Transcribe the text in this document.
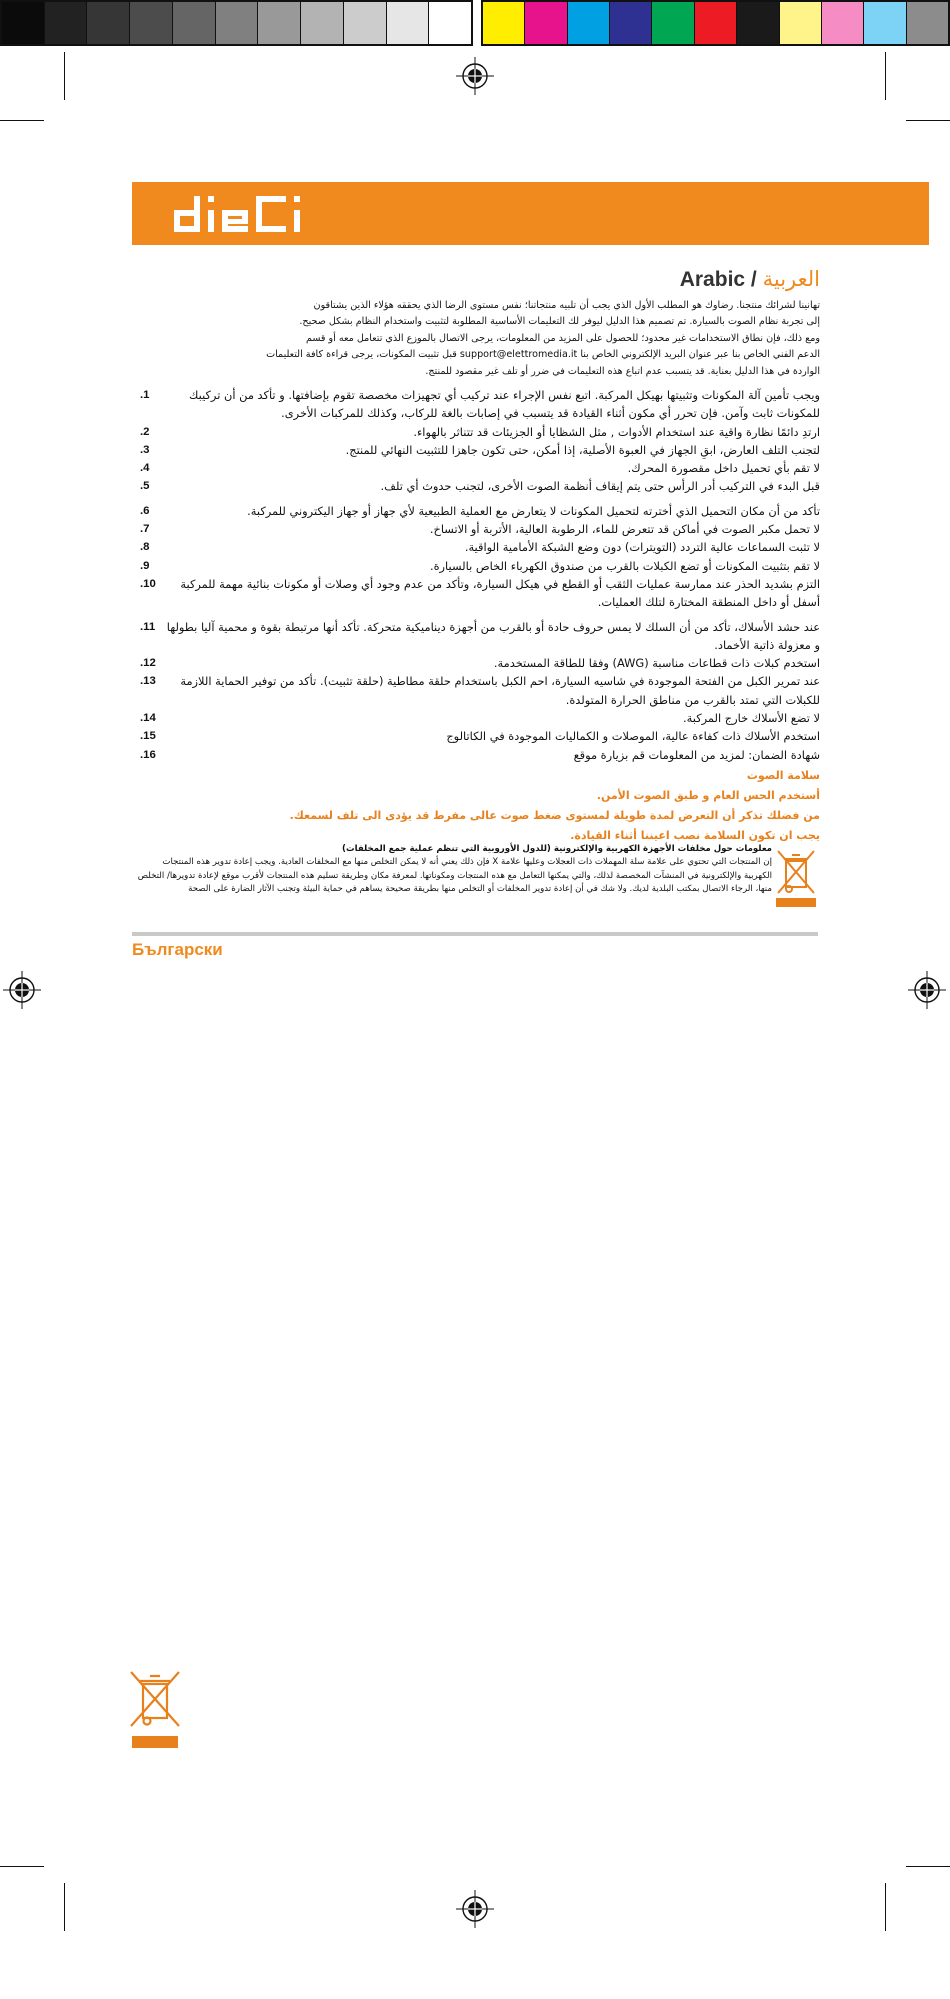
Arabic / العربية

تهانينا لشرائك منتجنا. رضاوك هو المطلب الأول الذي يجب أن تلبيه منتجاتنا؛ نفس مستوى الرضا الذي يحققه هؤلاء الذين يشتاقون

إلى تجربة نظام الصوت بالسيارة. تم تصميم هذا الدليل ليوفر لك التعليمات الأساسية المطلوبة لتثبيت واستخدام النظام بشكل صحيح.

ومع ذلك، فإن نطاق الاستخدامات غير محدود؛ للحصول على المزيد من المعلومات، يرجى الاتصال بالموزع الذي تتعامل معه أو قسم

الدعم الفني الخاص بنا عبر عنوان البريد الإلكتروني الخاص بنا support@elettromedia.it قبل تثبيت المكونات، يرجى قراءة كافة التعليمات

الواردة في هذا الدليل بعناية. قد يتسبب عدم اتباع هذه التعليمات في ضرر أو تلف غير مقصود للمنتج.

ويجب تأمين آلة المكونات وتثبيتها بهيكل المركبة. اتبع نفس الإجراء عند تركيب أي تجهيزات مخصصة تقوم بإضافتها. و تأكد من أن تركيبك للمكونات ثابت وآمن. فإن تحرر أي مكون أثناء القيادة قد يتسبب في إصابات بالغة للركاب، وكذلك للمركبات الأخرى.
1.
ارتدِ دائمًا نظارة واقية عند استخدام الأدوات , مثل الشظايا أو الجزيئات قد تتناثر بالهواء.
2.
لتجنب التلف العارض، ابقِ الجهاز في العبوة الأصلية، إذا أمكن، حتى تكون جاهزا للتثبيت النهائي للمنتج.
3.
لا تقم بأي تحميل داخل مقصورة المحرك.
4.
قبل البدء في التركيب أدر الرأس حتى يتم إيقاف أنظمة الصوت الأخرى، لتجنب حدوث أي تلف.
5.
تأكد من أن مكان التحميل الذي أخترته لتحميل المكونات لا يتعارض مع العملية الطبيعية لأي جهاز أو جهاز اليكتروني للمركبة.
6.
لا تحمل مكبر الصوت في أماكن قد تتعرض للماء، الرطوبة العالية، الأتربة أو الاتساخ.
7.
لا تثبت السماعات عالية التردد (التويترات) دون وضع الشبكة الأمامية الواقية.
8.
لا تقم بتثبيت المكونات أو تضع الكبلات بالقرب من صندوق الكهرباء الخاص بالسيارة.
9.
التزم بشديد الحذر عند ممارسة عمليات الثقب أو القطع في هيكل السيارة، وتأكد من عدم وجود أي وصلات أو مكونات بنائية مهمة للمركبة أسفل أو داخل المنطقة المختارة لتلك العمليات.
10.
عند حشد الأسلاك، تأكد من أن السلك لا يمس حروف حادة أو بالقرب من أجهزة ديناميكية متحركة. تأكد أنها مرتبطة بقوة و محمية آليا بطولها و معزولة ذاتية الأخماد.
11.
استخدم كبلات ذات قطاعات مناسبة (AWG) وفقا للطاقة المستخدمة.
12.
عند تمرير الكبل من الفتحة الموجودة في شاسيه السيارة، احم الكبل باستخدام حلقة مطاطية (حلقة تثبيت). تأكد من توفير الحماية اللازمة للكبلات التي تمتد بالقرب من مناطق الحرارة المتولدة.
13.
لا تضع الأسلاك خارج المركبة.
14.
استخدم الأسلاك ذات كفاءة عالية، الموصلات و الكماليات الموجودة في الكاتالوج
15.
شهادة الضمان: لمزيد من المعلومات قم بزيارة موقع
16.

سلامة الصوت

أستخدم الحس العام و طبق الصوت الأمن.

من فضلك تذكر أن التعرض لمدة طويلة لمستوى ضغط صوت عالى مفرط قد يؤدى الى تلف لسمعك.

يجب ان تكون السلامة نصب اعيننا أثناء القيادة.

معلومات حول مخلفات الأجهزة الكهربية والإلكترونية (للدول الأوروبية التي تنظم عملية جمع المخلفات)
إن المنتجات التي تحتوي على علامة سلة المهملات ذات العجلات وعليها علامة X فإن ذلك يعني أنه لا يمكن التخلص منها مع المخلفات العادية. ويجب إعادة تدوير هذه المنتجات الكهربية والإلكترونية في المنشآت المخصصة لذلك، والتي يمكنها التعامل مع هذه المنتجات ومكوناتها. لمعرفة مكان وطريقة تسليم هذه المنتجات لأقرب موقع لإعادة تدويرها/ التخلص منها، الرجاء الاتصال بمكتب البلدية لديك. ولا شك في أن إعادة تدوير المخلفات أو التخلص منها بطريقة صحيحة يساهم في حماية البيئة وتجنب الآثار الضارة على الصحة
Български
